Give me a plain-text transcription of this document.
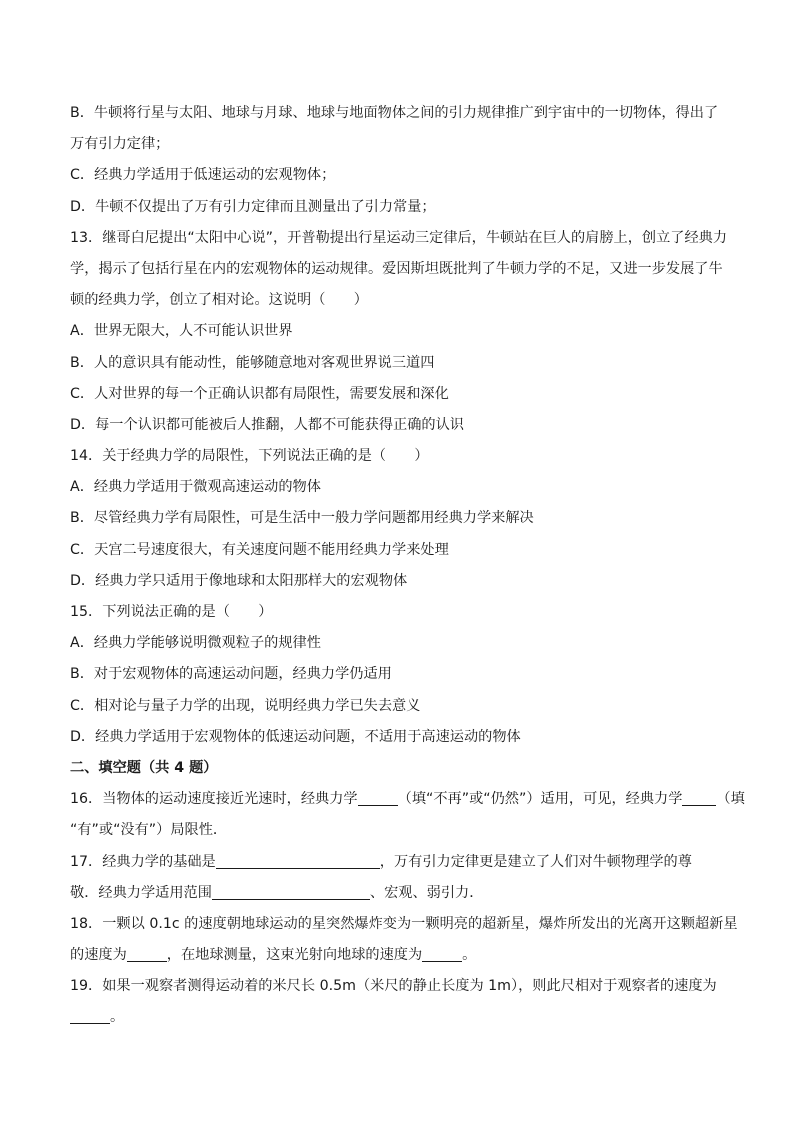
B．牛顿将行星与太阳、地球与月球、地球与地面物体之间的引力规律推广到宇宙中的一切物体，得出了
万有引力定律；
C．经典力学适用于低速运动的宏观物体；
D．牛顿不仅提出了万有引力定律而且测量出了引力常量；
13．继哥白尼提出“太阳中心说”，开普勒提出行星运动三定律后，牛顿站在巨人的肩膀上，创立了经典力
学，揭示了包括行星在内的宏观物体的运动规律。爱因斯坦既批判了牛顿力学的不足，又进一步发展了牛
顿的经典力学，创立了相对论。这说明（　　）
A．世界无限大，人不可能认识世界
B．人的意识具有能动性，能够随意地对客观世界说三道四
C．人对世界的每一个正确认识都有局限性，需要发展和深化
D．每一个认识都可能被后人推翻，人都不可能获得正确的认识
14．关于经典力学的局限性，下列说法正确的是（　　）
A．经典力学适用于微观高速运动的物体
B．尽管经典力学有局限性，可是生活中一般力学问题都用经典力学来解决
C．天宫二号速度很大，有关速度问题不能用经典力学来处理
D．经典力学只适用于像地球和太阳那样大的宏观物体
15．下列说法正确的是（　　）
A．经典力学能够说明微观粒子的规律性
B．对于宏观物体的高速运动问题，经典力学仍适用
C．相对论与量子力学的出现，说明经典力学已失去意义
D．经典力学适用于宏观物体的低速运动问题，不适用于高速运动的物体
二、填空题（共 4 题）
16．当物体的运动速度接近光速时，经典力学	（填“不再”或“仍然”）适用，可见，经典力学 （填
“有”或“没有”）局限性．
17．经典力学的基础是	，万有引力定律更是建立了人们对牛顿物理学的尊
敬．经典力学适用范围	、宏观、弱引力．
18．一颗以 0.1c 的速度朝地球运动的星突然爆炸变为一颗明亮的超新星，爆炸所发出的光离开这颗超新星
的速度为	，在地球测量，这束光射向地球的速度为	。
19．如果一观察者测得运动着的米尺长 0.5m（米尺的静止长度为 1m），则此尺相对于观察者的速度为
。
